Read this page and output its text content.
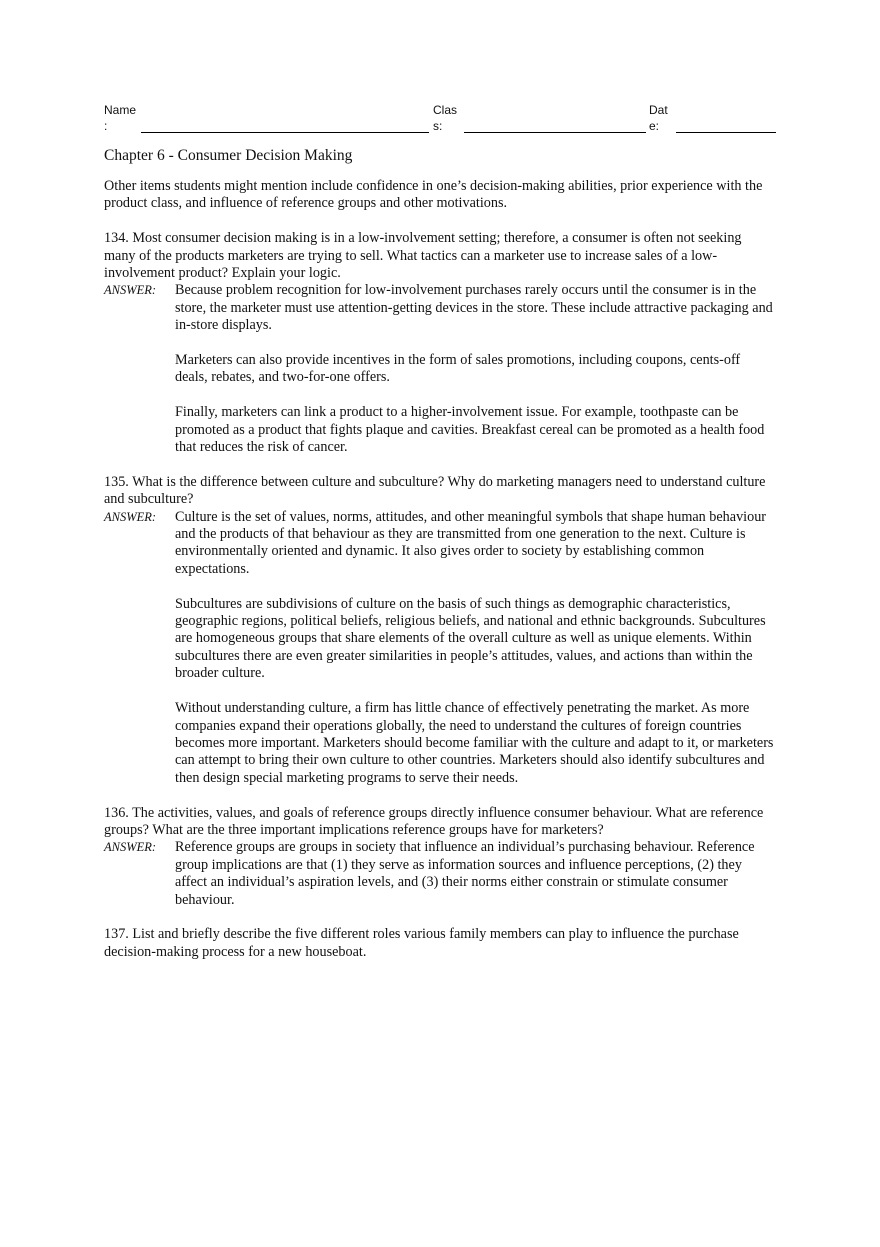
Name
:
Clas
s:
Dat
e:
Chapter 6 - Consumer Decision Making

Other items students might mention include confidence in one’s decision-making abilities, prior experience with the product class, and influence of reference groups and other motivations.

134. Most consumer decision making is in a low-involvement setting; therefore, a consumer is often not seeking many of the products marketers are trying to sell. What tactics can a marketer use to increase sales of a low-involvement product? Explain your logic.

ANSWER:	Because problem recognition for low-involvement purchases rarely occurs until the consumer is in the store, the marketer must use attention-getting devices in the store. These include attractive packaging and in-store displays.

Marketers can also provide incentives in the form of sales promotions, including coupons, cents-off deals, rebates, and two-for-one offers.

Finally, marketers can link a product to a higher-involvement issue. For example, toothpaste can be promoted as a product that fights plaque and cavities. Breakfast cereal can be promoted as a health food that reduces the risk of cancer.

135. What is the difference between culture and subculture? Why do marketing managers need to understand culture and subculture?

ANSWER:	Culture is the set of values, norms, attitudes, and other meaningful symbols that shape human behaviour and the products of that behaviour as they are transmitted from one generation to the next. Culture is environmentally oriented and dynamic. It also gives order to society by establishing common expectations.

Subcultures are subdivisions of culture on the basis of such things as demographic characteristics, geographic regions, political beliefs, religious beliefs, and national and ethnic backgrounds. Subcultures are homogeneous groups that share elements of the overall culture as well as unique elements. Within subcultures there are even greater similarities in people’s attitudes, values, and actions than within the broader culture.

Without understanding culture, a firm has little chance of effectively penetrating the market. As more companies expand their operations globally, the need to understand the cultures of foreign countries becomes more important. Marketers should become familiar with the culture and adapt to it, or marketers can attempt to bring their own culture to other countries. Marketers should also identify subcultures and then design special marketing programs to serve their needs.

136. The activities, values, and goals of reference groups directly influence consumer behaviour. What are reference groups? What are the three important implications reference groups have for marketers?

ANSWER:	Reference groups are groups in society that influence an individual’s purchasing behaviour. Reference group implications are that (1) they serve as information sources and influence perceptions, (2) they affect an individual’s aspiration levels, and (3) their norms either constrain or stimulate consumer behaviour.

137. List and briefly describe the five different roles various family members can play to influence the purchase decision-making process for a new houseboat.
